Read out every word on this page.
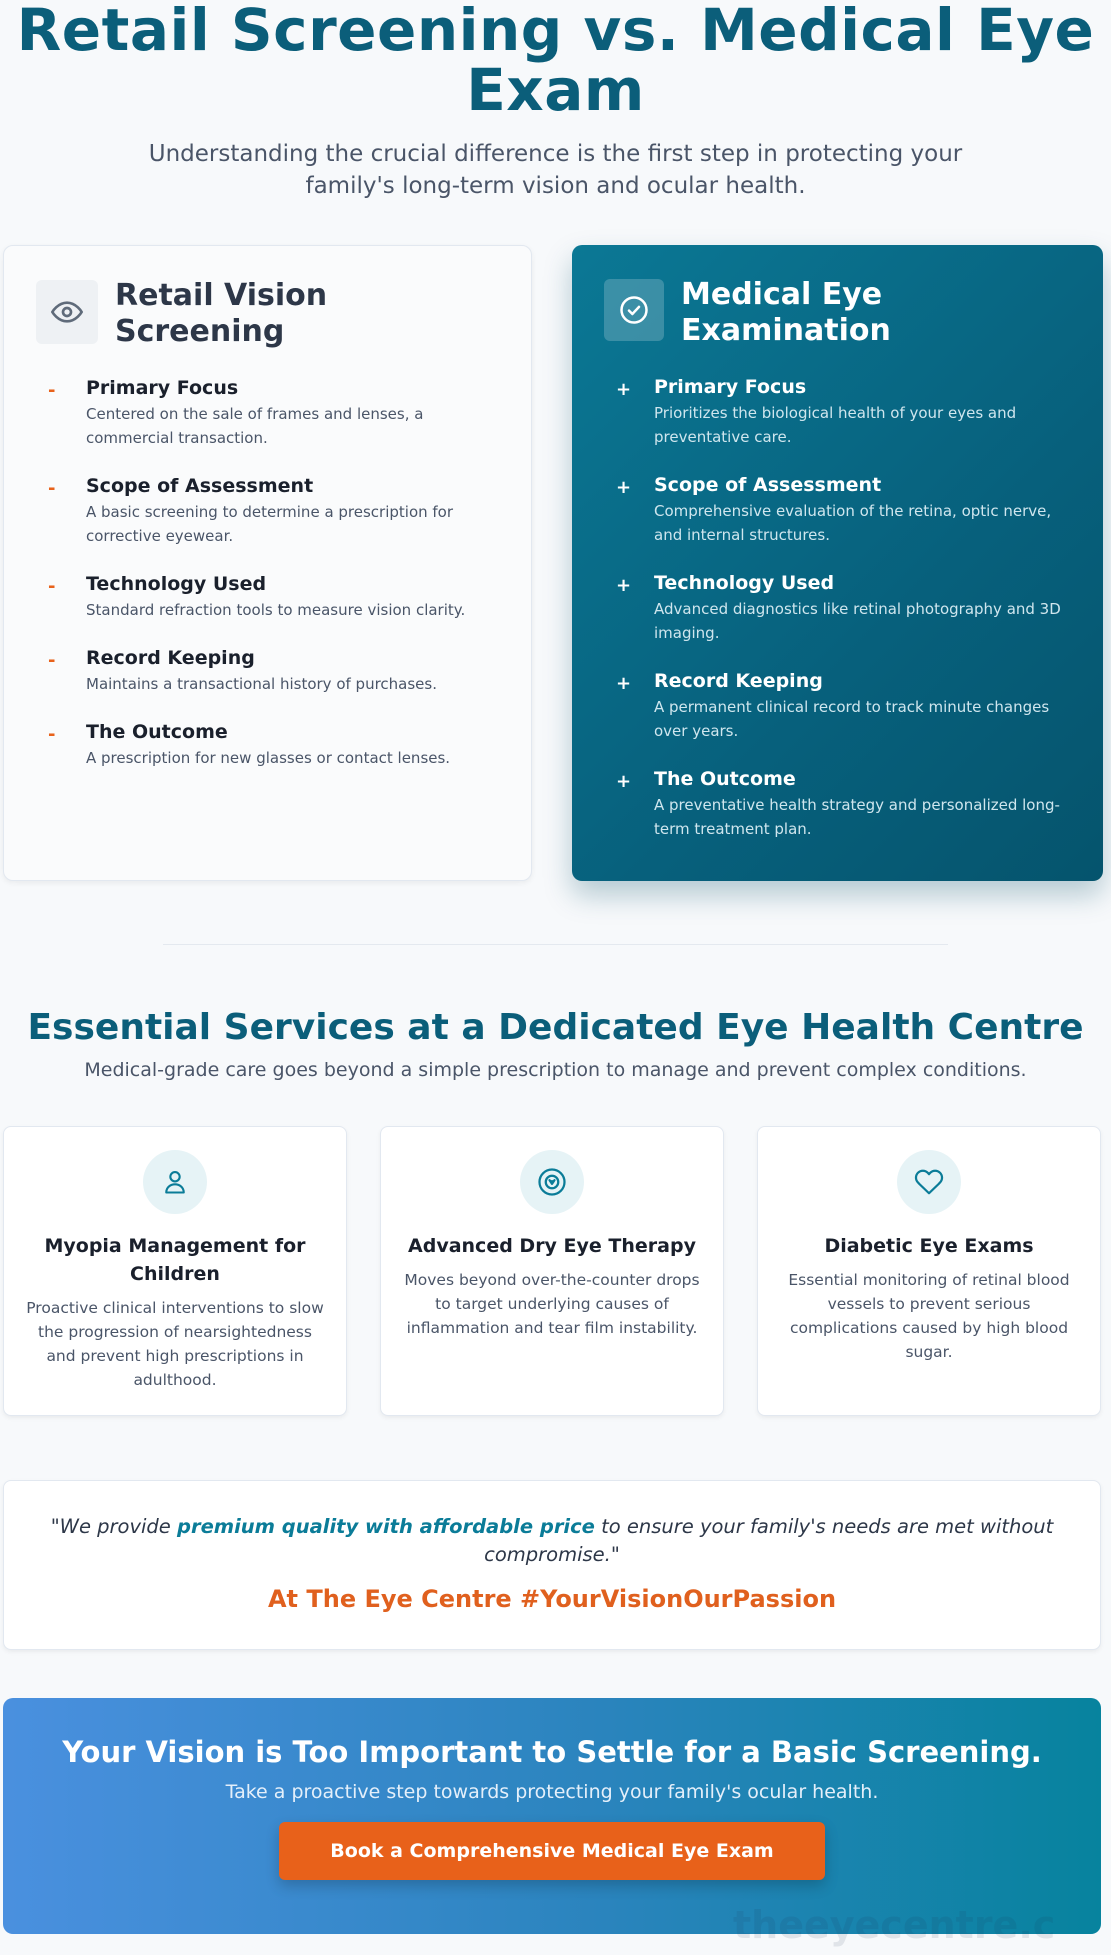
Retail Screening vs. Medical Eye Exam

Understanding the crucial difference is the first step in protecting your family's long-term vision and ocular health.

Retail Vision Screening
-	Primary Focus

Centered on the sale of frames and lenses, a commercial transaction.

-	Scope of Assessment

A basic screening to determine a prescription for corrective eyewear.

-	Technology Used

Standard refraction tools to measure vision clarity.

-	Record Keeping

Maintains a transactional history of purchases.

-	The Outcome

A prescription for new glasses or contact lenses.

Medical Eye Examination
+	Primary Focus

Prioritizes the biological health of your eyes and preventative care.

+	Scope of Assessment

Comprehensive evaluation of the retina, optic nerve, and internal structures.

+	Technology Used

Advanced diagnostics like retinal photography and 3D imaging.

+	Record Keeping

A permanent clinical record to track minute changes over years.

+	The Outcome

A preventative health strategy and personalized long-term treatment plan.

Essential Services at a Dedicated Eye Health Centre

Medical-grade care goes beyond a simple prescription to manage and prevent complex conditions.

Myopia Management for Children

Proactive clinical interventions to slow the progression of nearsightedness and prevent high prescriptions in adulthood.

Advanced Dry Eye Therapy

Moves beyond over-the-counter drops to target underlying causes of inflammation and tear film instability.

Diabetic Eye Exams

Essential monitoring of retinal blood vessels to prevent serious complications caused by high blood sugar.

"We provide premium quality with affordable price to ensure your family's needs are met without compromise."

At The Eye Centre #YourVisionOurPassion

Your Vision is Too Important to Settle for a Basic Screening.

Take a proactive step towards protecting your family's ocular health.

Book a Comprehensive Medical Eye Exam
theeyecentre.c
